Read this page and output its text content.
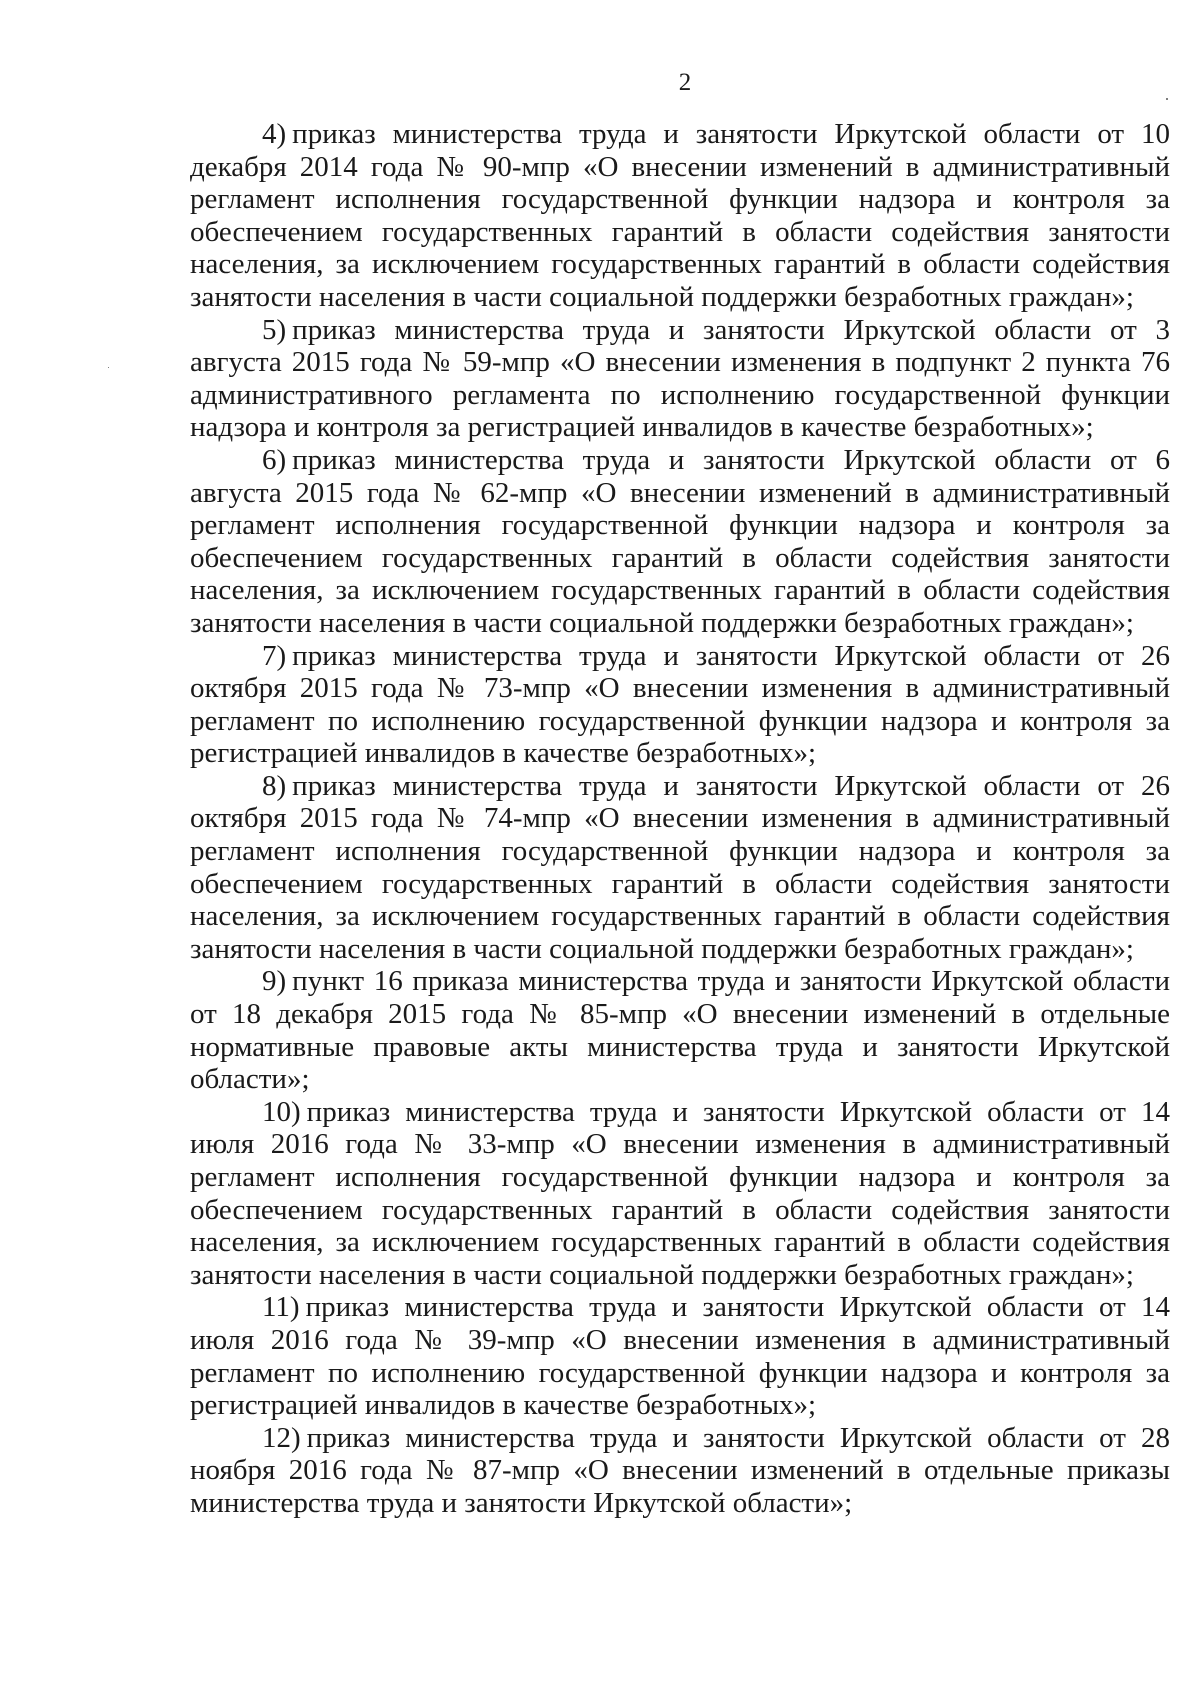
2

4) приказ министерства труда и занятости Иркутской области от 10 декабря 2014 года № 90-мпр «О внесении изменений в административный регламент исполнения государственной функции надзора и контроля за обеспечением государственных гарантий в области содействия занятости населения, за исключением государственных гарантий в области содействия занятости населения в части социальной поддержки безработных граждан»;

5) приказ министерства труда и занятости Иркутской области от 3 августа 2015 года № 59-мпр «О внесении изменения в подпункт 2 пункта 76 административного регламента по исполнению государственной функции надзора и контроля за регистрацией инвалидов в качестве безработных»;

6) приказ министерства труда и занятости Иркутской области от 6 августа 2015 года № 62-мпр «О внесении изменений в административный регламент исполнения государственной функции надзора и контроля за обеспечением государственных гарантий в области содействия занятости населения, за исключением государственных гарантий в области содействия занятости населения в части социальной поддержки безработных граждан»;

7) приказ министерства труда и занятости Иркутской области от 26 октября 2015 года № 73-мпр «О внесении изменения в административный регламент по исполнению государственной функции надзора и контроля за регистрацией инвалидов в качестве безработных»;

8) приказ министерства труда и занятости Иркутской области от 26 октября 2015 года № 74-мпр «О внесении изменения в административный регламент исполнения государственной функции надзора и контроля за обеспечением государственных гарантий в области содействия занятости населения, за исключением государственных гарантий в области содействия занятости населения в части социальной поддержки безработных граждан»;

9) пункт 16 приказа министерства труда и занятости Иркутской области от 18 декабря 2015 года № 85-мпр «О внесении изменений в отдельные нормативные правовые акты министерства труда и занятости Иркутской области»;

10) приказ министерства труда и занятости Иркутской области от 14 июля 2016 года № 33-мпр «О внесении изменения в административный регламент исполнения государственной функции надзора и контроля за обеспечением государственных гарантий в области содействия занятости населения, за исключением государственных гарантий в области содействия занятости населения в части социальной поддержки безработных граждан»;

11) приказ министерства труда и занятости Иркутской области от 14 июля 2016 года № 39-мпр «О внесении изменения в административный регламент по исполнению государственной функции надзора и контроля за регистрацией инвалидов в качестве безработных»;

12) приказ министерства труда и занятости Иркутской области от 28 ноября 2016 года № 87-мпр «О внесении изменений в отдельные приказы министерства труда и занятости Иркутской области»;
